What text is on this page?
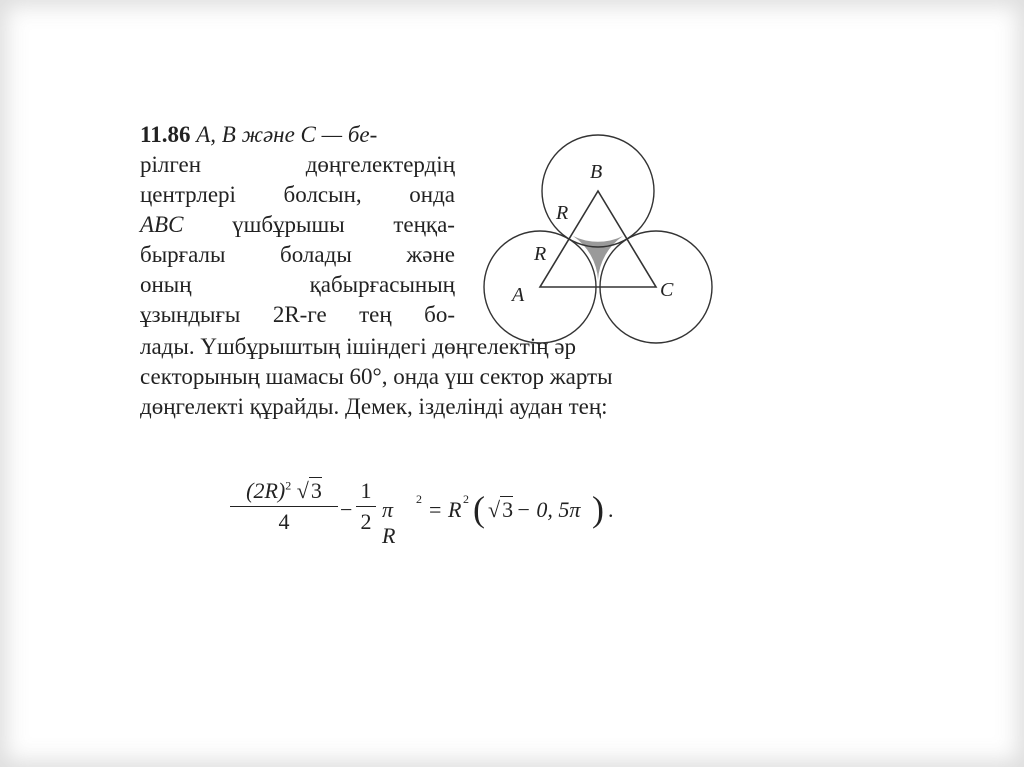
11.86 A, B және C — бе-
рілген	дөңгелектердің
центрлері болсын, онда
ABC үшбұрышы теңқа-
бырғалы болады және
оның	қабырғасының
ұзындығы 2R-ге тең бо-
лады. Үшбұрыштың ішіндегі дөңгелектің әр
секторының шамасы 60°, онда үш сектор жарты
дөңгелекті құрайды. Демек, ізделінді аудан тең:
B
R
R
A	C
$(2R)^2$ √3
4	−
1
2 π R
2 = R 2 ( √3 − 0, 5π ) .
